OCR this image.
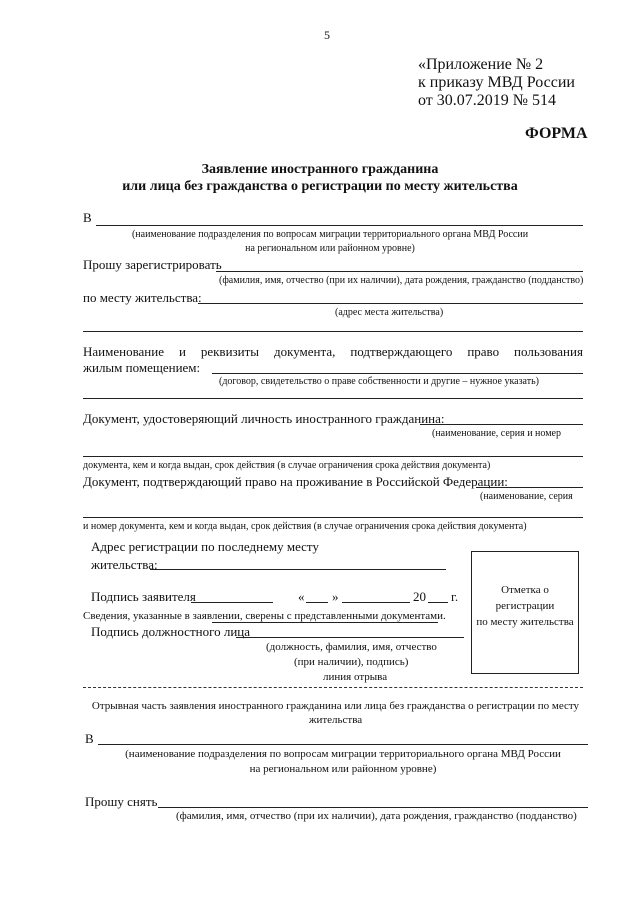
5
«Приложение № 2
к приказу МВД России
от 30.07.2019 № 514
ФОРМА
Заявление иностранного гражданина
или лица без гражданства о регистрации по месту жительства
В
(наименование подразделения по вопросам миграции территориального органа МВД России
на региональном или районном уровне)
Прошу зарегистрировать
(фамилия, имя, отчество (при их наличии), дата рождения, гражданство (подданство)
по месту жительства:
(адрес места жительства)
Наименование и реквизиты документа, подтверждающего право пользования
жилым помещением:
(договор, свидетельство о праве собственности и другие – нужное указать)
Документ, удостоверяющий личность иностранного гражданина:
(наименование, серия и номер
документа, кем и когда выдан, срок действия (в случае ограничения срока действия документа)
Документ, подтверждающий право на проживание в Российской Федерации:
(наименование, серия
и номер документа, кем и когда выдан, срок действия (в случае ограничения срока действия документа)
Адрес регистрации по последнему месту
жительства:
Отметка о
регистрации
по месту жительства
Подпись заявителя	« »	20 г.
Сведения, указанные в заявлении, сверены с представленными документами.
Подпись должностного лица
(должность, фамилия, имя, отчество
(при наличии), подпись)
линия отрыва
Отрывная часть заявления иностранного гражданина или лица без гражданства о регистрации по месту
жительства
В
(наименование подразделения по вопросам миграции территориального органа МВД России
на региональном или районном уровне)
Прошу снять
(фамилия, имя, отчество (при их наличии), дата рождения, гражданство (подданство)
